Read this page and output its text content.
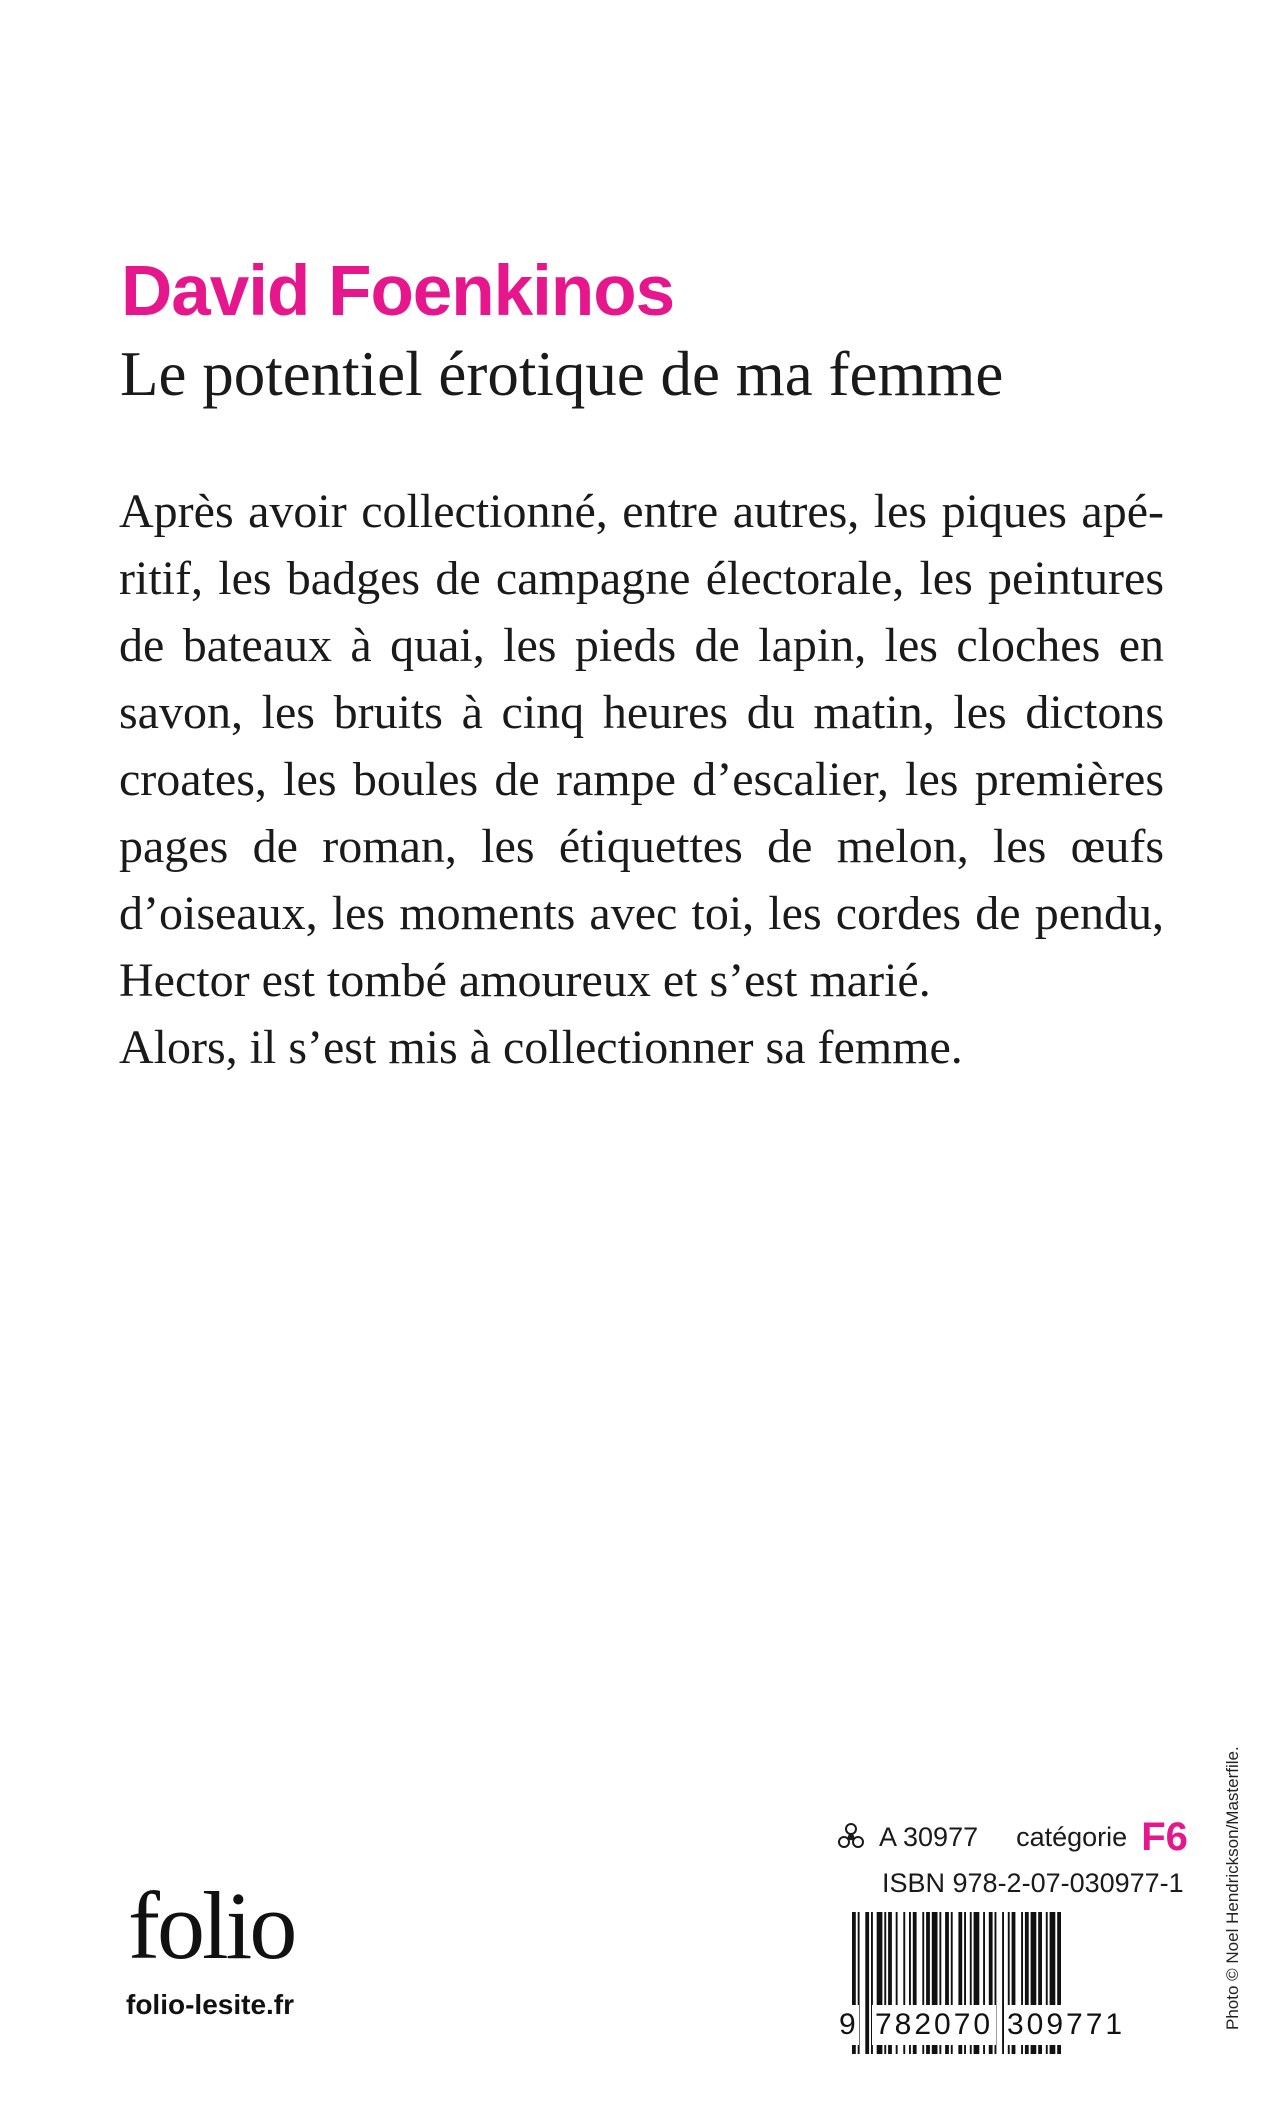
David Foenkinos
Le potentiel érotique de ma femme
Après avoir collectionné, entre autres, les piques apé-
ritif, les badges de campagne électorale, les peintures
de bateaux à quai, les pieds de lapin, les cloches en
savon, les bruits à cinq heures du matin, les dictons
croates, les boules de rampe d’escalier, les premières
pages de roman, les étiquettes de melon, les œufs
d’oiseaux, les moments avec toi, les cordes de pendu,
Hector est tombé amoureux et s’est marié.
Alors, il s’est mis à collectionner sa femme.
folio
folio-lesite.fr
A 30977 catégorie F6
ISBN 978-2-07-030977-1
9 782070 309771	Photo © Noel Hendrickson/Masterfile.
